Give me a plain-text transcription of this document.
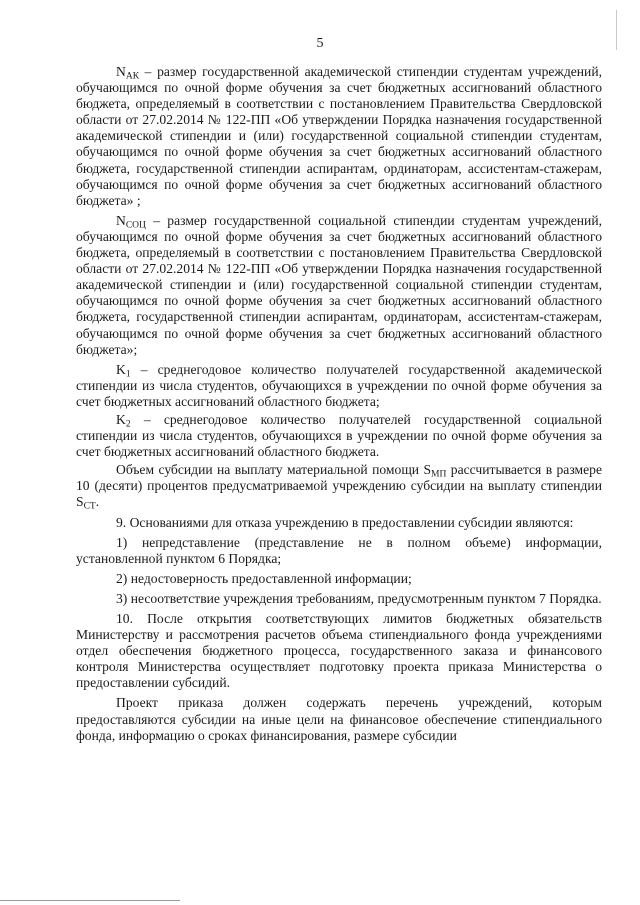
5

$N_{АК}$ – размер государственной академической стипендии студентам учреждений, обучающимся по очной форме обучения за счет бюджетных ассигнований областного бюджета, определяемый в соответствии с постановлением Правительства Свердловской области от 27.02.2014 № 122-ПП «Об утверждении Порядка назначения государственной академической стипендии и (или) государственной социальной стипендии студентам, обучающимся по очной форме обучения за счет бюджетных ассигнований областного бюджета, государственной стипендии аспирантам, ординаторам, ассистентам-стажерам, обучающимся по очной форме обучения за счет бюджетных ассигнований областного бюджета» ;

$N_{СОЦ}$ – размер государственной социальной стипендии студентам учреждений, обучающимся по очной форме обучения за счет бюджетных ассигнований областного бюджета, определяемый в соответствии с постановлением Правительства Свердловской области от 27.02.2014 № 122-ПП «Об утверждении Порядка назначения государственной академической стипендии и (или) государственной социальной стипендии студентам, обучающимся по очной форме обучения за счет бюджетных ассигнований областного бюджета, государственной стипендии аспирантам, ординаторам, ассистентам-стажерам, обучающимся по очной форме обучения за счет бюджетных ассигнований областного бюджета»;

$K_1$ – среднегодовое количество получателей государственной академической стипендии из числа студентов, обучающихся в учреждении по очной форме обучения за счет бюджетных ассигнований областного бюджета;

$K_2$ – среднегодовое количество получателей государственной социальной стипендии из числа студентов, обучающихся в учреждении по очной форме обучения за счет бюджетных ассигнований областного бюджета.

Объем субсидии на выплату материальной помощи $S_{МП}$ рассчитывается в размере 10 (десяти) процентов предусматриваемой учреждению субсидии на выплату стипендии $S_{СТ}$.

9. Основаниями для отказа учреждению в предоставлении субсидии являются:

1) непредставление (представление не в полном объеме) информации, установленной пунктом 6 Порядка;

2) недостоверность предоставленной информации;

3) несоответствие учреждения требованиям, предусмотренным пунктом 7 Порядка.

10. После открытия соответствующих лимитов бюджетных обязательств Министерству и рассмотрения расчетов объема стипендиального фонда учреждениями отдел обеспечения бюджетного процесса, государственного заказа и финансового контроля Министерства осуществляет подготовку проекта приказа Министерства о предоставлении субсидий.

Проект приказа должен содержать перечень учреждений, которым предоставляются субсидии на иные цели на финансовое обеспечение стипендиального фонда, информацию о сроках финансирования, размере субсидии
